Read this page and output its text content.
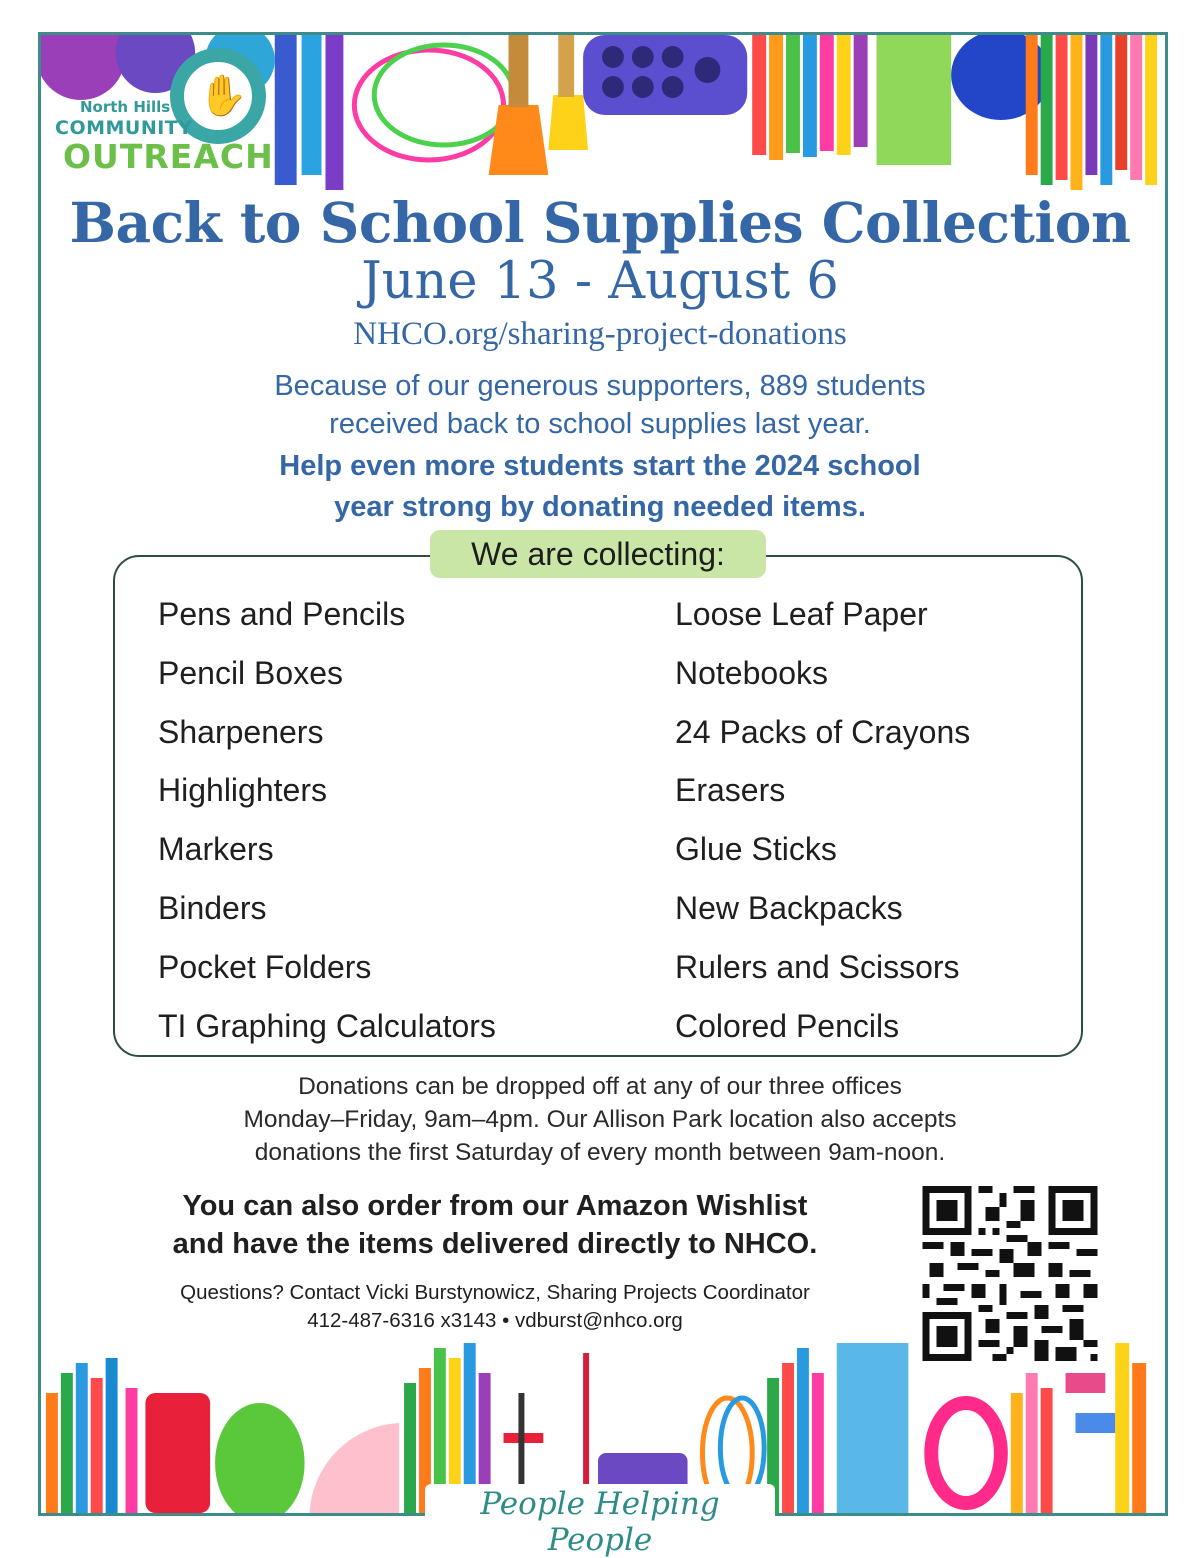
✋
North Hills
COMMUNITY
OUTREACH
Back to School Supplies Collection
June 13 - August 6
NHCO.org/sharing-project-donations
Because of our generous supporters, 889 students
received back to school supplies last year.
Help even more students start the 2024 school
year strong by donating needed items.
We are collecting:
Pens and Pencils
Pencil Boxes
Sharpeners
Highlighters
Markers
Binders
Pocket Folders
TI Graphing Calculators
Loose Leaf Paper
Notebooks
24 Packs of Crayons
Erasers
Glue Sticks
New Backpacks
Rulers and Scissors
Colored Pencils
Donations can be dropped off at any of our three offices
Monday–Friday, 9am–4pm. Our Allison Park location also accepts
donations the first Saturday of every month between 9am-noon.
You can also order from our Amazon Wishlist
and have the items delivered directly to NHCO.
Questions? Contact Vicki Burstynowicz, Sharing Projects Coordinator
412-487-6316 x3143 • vdburst@nhco.org
People Helping People
